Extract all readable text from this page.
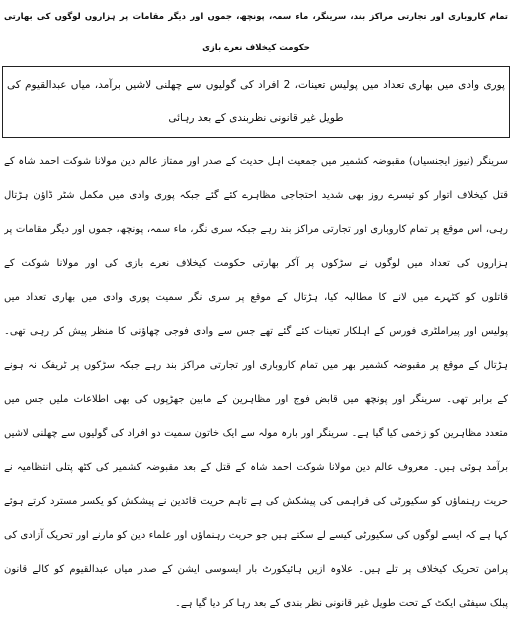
تمام کاروباری اور تجارتی مراکز بند، سرینگر، ماء سمہ، پونچھ، جموں اور دیگر مقامات پر ہزاروں لوگوں کی بھارتی
حکومت کیخلاف نعرے بازی
پوری وادی میں بھاری تعداد میں پولیس تعینات، 2 افراد کی گولیوں سے چھلنی لاشیں برآمد، میاں عبدالقیوم کی
طویل غیر قانونی نظربندی کے بعد رہائی
سرینگر (نیوز ایجنسیاں) مقبوضہ کشمیر میں جمعیت اہل حدیث کے صدر اور ممتاز عالم دین مولانا شوکت احمد شاہ کے
قتل کیخلاف اتوار کو تیسرے روز بھی شدید احتجاجی مظاہرے کئے گئے جبکہ پوری وادی میں مکمل شٹر ڈاؤن ہڑتال
رہی، اس موقع پر تمام کاروباری اور تجارتی مراکز بند رہے جبکہ سری نگر، ماء سمہ، پونچھ، جموں اور دیگر مقامات پر
ہزاروں کی تعداد میں لوگوں نے سڑکوں پر آکر بھارتی حکومت کیخلاف نعرے بازی کی اور مولانا شوکت کے
قاتلوں کو کٹہرے میں لانے کا مطالبہ کیا، ہڑتال کے موقع پر سری نگر سمیت پوری وادی میں بھاری تعداد میں
پولیس اور پیراملٹری فورس کے اہلکار تعینات کئے گئے تھے جس سے وادی فوجی چھاؤنی کا منظر پیش کر رہی تھی۔
ہڑتال کے موقع پر مقبوضہ کشمیر بھر میں تمام کاروباری اور تجارتی مراکز بند رہے جبکہ سڑکوں پر ٹریفک نہ ہونے
کے برابر تھی۔ سرینگر اور پونچھ میں قابض فوج اور مظاہرین کے مابین جھڑپوں کی بھی اطلاعات ملیں جس میں
متعدد مظاہرین کو زخمی کیا گیا ہے۔ سرینگر اور بارہ مولہ سے ایک خاتون سمیت دو افراد کی گولیوں سے چھلنی لاشیں
برآمد ہوئی ہیں۔ معروف عالم دین مولانا شوکت احمد شاہ کے قتل کے بعد مقبوضہ کشمیر کی کٹھ پتلی انتظامیہ نے
حریت رہنماؤں کو سکیورٹی کی فراہمی کی پیشکش کی ہے تاہم حریت قائدین نے پیشکش کو یکسر مسترد کرتے ہوئے
کہا ہے کہ ایسے لوگوں کی سکیورٹی کیسے لے سکتے ہیں جو حریت رہنماؤں اور علماء دین کو مارنے اور تحریک آزادی کی
پرامن تحریک کیخلاف پر تلے ہیں۔ علاوہ ازیں ہائیکورٹ بار ایسوسی ایشن کے صدر میاں عبدالقیوم کو کالے قانون
پبلک سیفٹی ایکٹ کے تحت طویل غیر قانونی نظر بندی کے بعد رہا کر دیا گیا ہے۔
